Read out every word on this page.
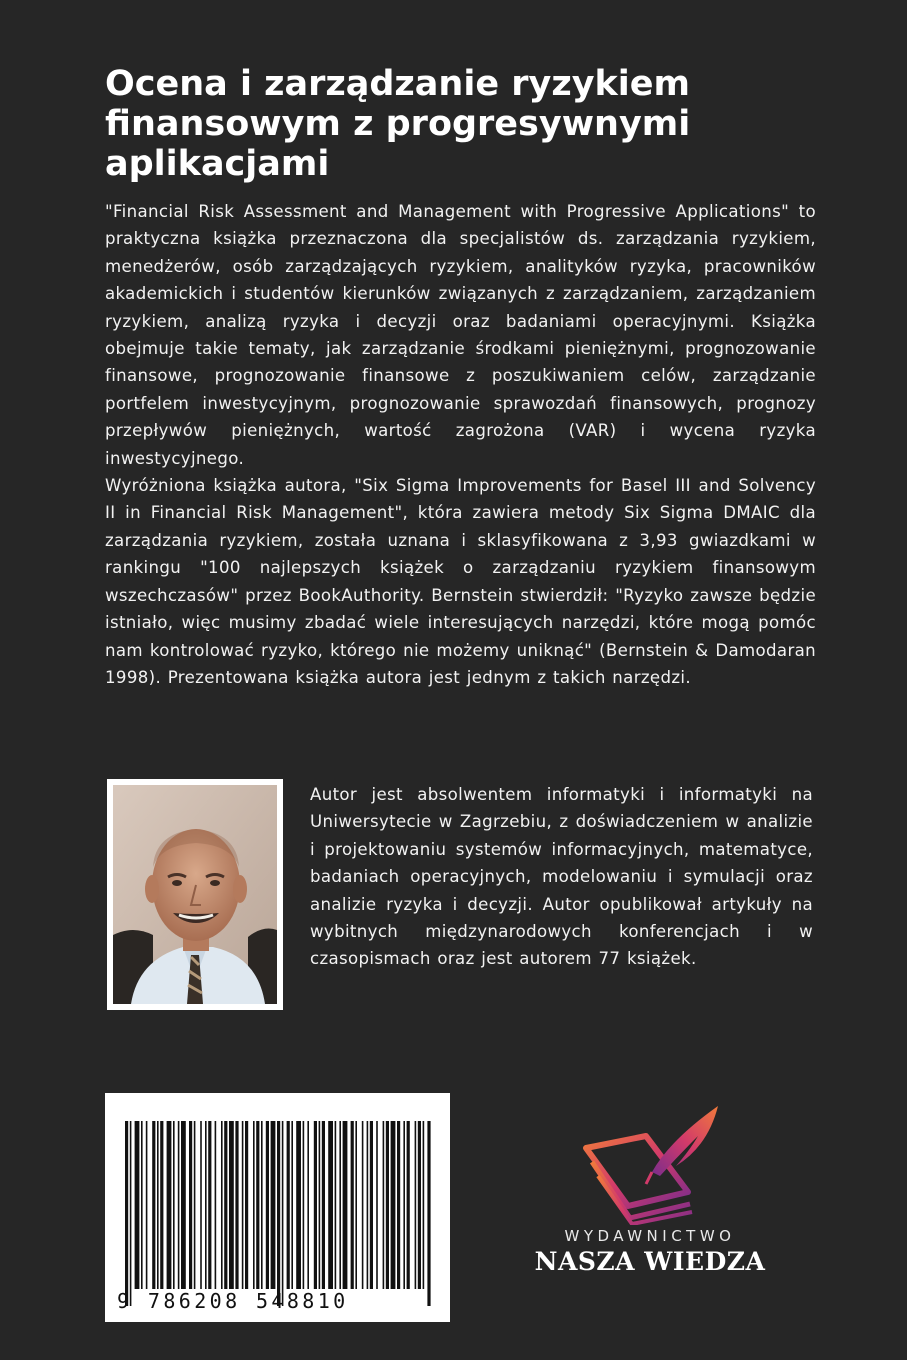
Ocena i zarządzanie ryzykiem finansowym z progresywnymi aplikacjami

"Financial Risk Assessment and Management with Progressive Applications" to praktyczna książka przeznaczona dla specjalistów ds. zarządzania ryzykiem, menedżerów, osób zarządzających ryzykiem, analityków ryzyka, pracowników akademickich i studentów kierunków związanych z zarządzaniem, zarządzaniem ryzykiem, analizą ryzyka i decyzji oraz badaniami operacyjnymi. Książka obejmuje takie tematy, jak zarządzanie środkami pieniężnymi, prognozowanie finansowe, prognozowanie finansowe z poszukiwaniem celów, zarządzanie portfelem inwestycyjnym, prognozowanie sprawozdań finansowych, prognozy przepływów pieniężnych, wartość zagrożona (VAR) i wycena ryzyka inwestycyjnego.

Wyróżniona książka autora, "Six Sigma Improvements for Basel III and Solvency II in Financial Risk Management", która zawiera metody Six Sigma DMAIC dla zarządzania ryzykiem, została uznana i sklasyfikowana z 3,93 gwiazdkami w rankingu "100 najlepszych książek o zarządzaniu ryzykiem finansowym wszechczasów" przez BookAuthority. Bernstein stwierdził: "Ryzyko zawsze będzie istniało, więc musimy zbadać wiele interesujących narzędzi, które mogą pomóc nam kontrolować ryzyko, którego nie możemy uniknąć" (Bernstein & Damodaran 1998). Prezentowana książka autora jest jednym z takich narzędzi.

Autor jest absolwentem informatyki i informatyki na Uniwersytecie w Zagrzebiu, z doświadczeniem w analizie i projektowaniu systemów informacyjnych, matematyce, badaniach operacyjnych, modelowaniu i symulacji oraz analizie ryzyka i decyzji. Autor opublikował artykuły na wybitnych międzynarodowych konferencjach i w czasopismach oraz jest autorem 77 książek.

9 786208 548810
WYDAWNICTWO
NASZA WIEDZA
